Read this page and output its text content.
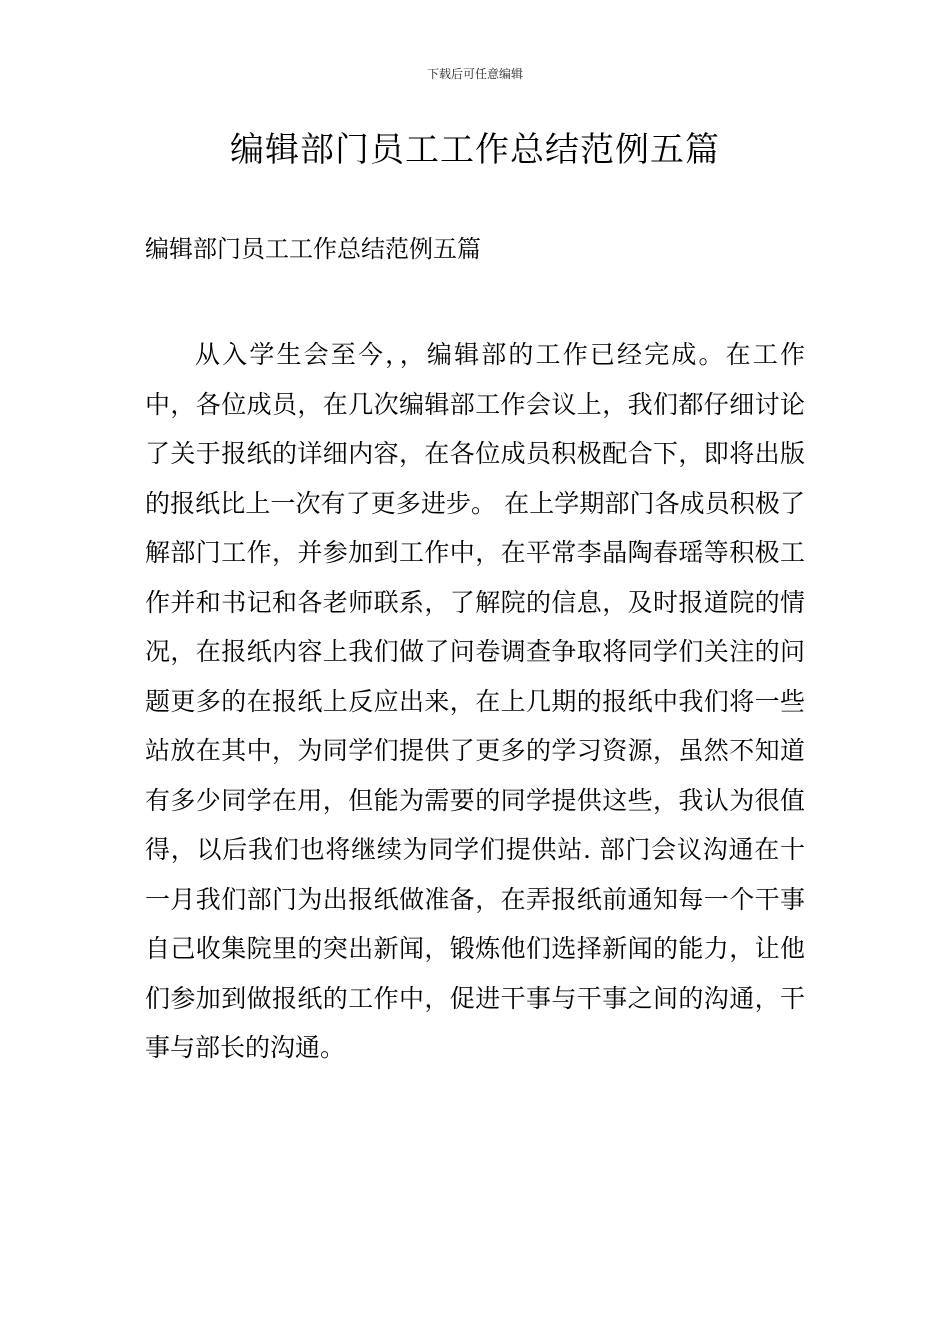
下载后可任意编辑
编辑部门员工工作总结范例五篇

编辑部门员工工作总结范例五篇

从入学生会至今，，编辑部的工作已经完成。在工作中，各位成员，在几次编辑部工作会议上，我们都仔细讨论了关于报纸的详细内容，在各位成员积极配合下，即将出版的报纸比上一次有了更多进步。 在上学期部门各成员积极了解部门工作，并参加到工作中，在平常李晶陶春瑶等积极工作并和书记和各老师联系，了解院的信息，及时报道院的情况，在报纸内容上我们做了问卷调查争取将同学们关注的问题更多的在报纸上反应出来，在上几期的报纸中我们将一些站放在其中，为同学们提供了更多的学习资源，虽然不知道有多少同学在用，但能为需要的同学提供这些，我认为很值得，以后我们也将继续为同学们提供站. 部门会议沟通在十一月我们部门为出报纸做准备，在弄报纸前通知每一个干事自己收集院里的突出新闻，锻炼他们选择新闻的能力，让他们参加到做报纸的工作中，促进干事与干事之间的沟通，干事与部长的沟通。
